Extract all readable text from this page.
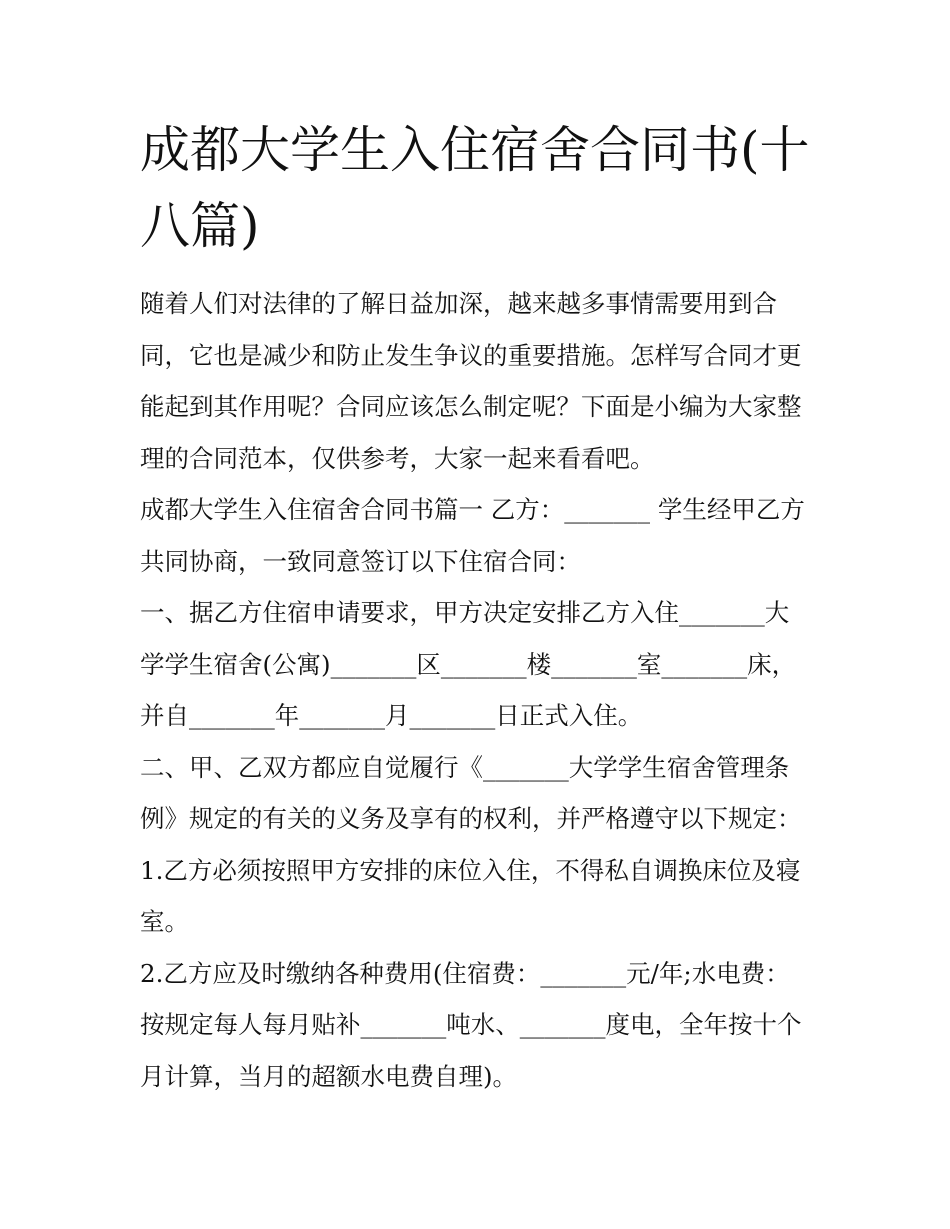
成都大学生入住宿舍合同书(十八篇)
随着人们对法律的了解日益加深，越来越多事情需要用到合
同，它也是减少和防止发生争议的重要措施。怎样写合同才更
能起到其作用呢？合同应该怎么制定呢？下面是小编为大家整
理的合同范本，仅供参考，大家一起来看看吧。
成都大学生入住宿舍合同书篇一 乙方：_______ 学生经甲乙方
共同协商，一致同意签订以下住宿合同：
一、据乙方住宿申请要求，甲方决定安排乙方入住_______大
学学生宿舍(公寓)_______区_______楼_______室_______床，
并自_______年_______月_______日正式入住。
二、甲、乙双方都应自觉履行《_______大学学生宿舍管理条
例》规定的有关的义务及享有的权利，并严格遵守以下规定：
1.乙方必须按照甲方安排的床位入住，不得私自调换床位及寝
室。
2.乙方应及时缴纳各种费用(住宿费：_______元/年;水电费：
按规定每人每月贴补_______吨水、_______度电，全年按十个
月计算，当月的超额水电费自理)。
